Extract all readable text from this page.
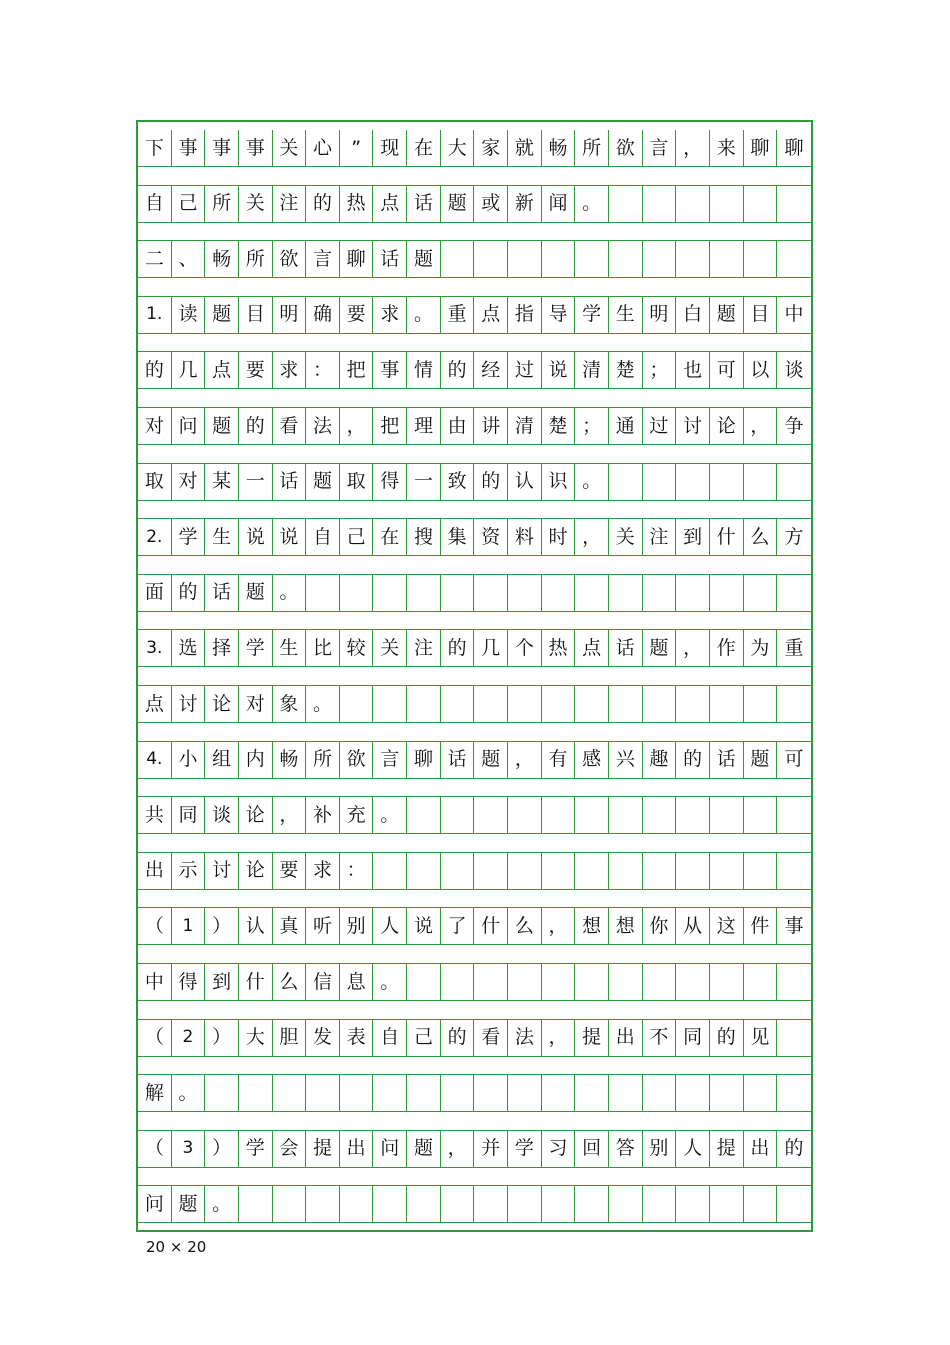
下 事 事 事 关 心	”	现 在 大 家 就 畅 所 欲 言 ， 来 聊 聊
自 己 所 关 注 的 热 点 话 题 或 新 闻 。
二 、 畅 所 欲 言 聊 话 题
1. 读 题 目 明 确 要 求 。 重 点 指 导 学 生 明 白 题 目 中
的 几 点 要 求 ： 把 事 情 的 经 过 说 清 楚 ； 也 可 以 谈
对 问 题 的 看 法 ， 把 理 由 讲 清 楚 ； 通 过 讨 论 ， 争
取 对 某 一 话 题 取 得 一 致 的 认 识 。
2. 学 生 说 说 自 己 在 搜 集 资 料 时 ， 关 注 到 什 么 方
面 的 话 题 。
3. 选 择 学 生 比 较 关 注 的 几 个 热 点 话 题 ， 作 为 重
点 讨 论 对 象 。
4. 小 组 内 畅 所 欲 言 聊 话 题 ， 有 感 兴 趣 的 话 题 可
共 同 谈 论 ， 补 充 。
出 示 讨 论 要 求 ：
（	1 ） 认 真 听 别 人 说 了 什 么 ， 想 想 你 从 这 件 事
中 得 到 什 么 信 息 。
（	2 ） 大 胆 发 表 自 己 的 看 法 ， 提 出 不 同 的 见
解 。
（	3 ） 学 会 提 出 问 题 ， 并 学 习 回 答 别 人 提 出 的
问 题 。
20 × 20
